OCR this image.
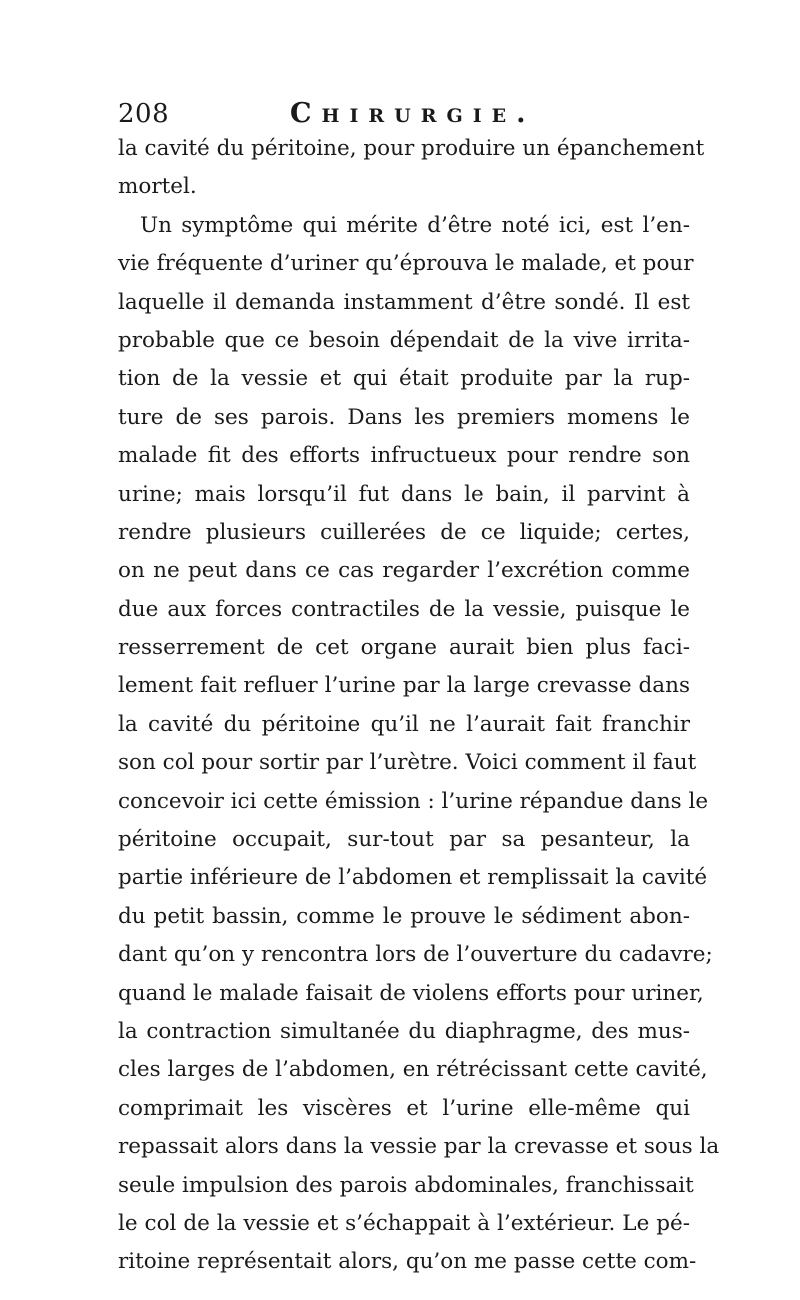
208	Chirurgie.
la cavité du péritoine, pour produire un épanchement
mortel.
Un symptôme qui mérite d’être noté ici, est l’en-
vie fréquente d’uriner qu’éprouva le malade, et pour
laquelle il demanda instamment d’être sondé. Il est
probable que ce besoin dépendait de la vive irrita-
tion de la vessie et qui était produite par la rup-
ture de ses parois. Dans les premiers momens le
malade fit des efforts infructueux pour rendre son
urine; mais lorsqu’il fut dans le bain, il parvint à
rendre plusieurs cuillerées de ce liquide; certes,
on ne peut dans ce cas regarder l’excrétion comme
due aux forces contractiles de la vessie, puisque le
resserrement de cet organe aurait bien plus faci-
lement fait refluer l’urine par la large crevasse dans
la cavité du péritoine qu’il ne l’aurait fait franchir
son col pour sortir par l’urètre. Voici comment il faut
concevoir ici cette émission : l’urine répandue dans le
péritoine occupait, sur-tout par sa pesanteur, la
partie inférieure de l’abdomen et remplissait la cavité
du petit bassin, comme le prouve le sédiment abon-
dant qu’on y rencontra lors de l’ouverture du cadavre;
quand le malade faisait de violens efforts pour uriner,
la contraction simultanée du diaphragme, des mus-
cles larges de l’abdomen, en rétrécissant cette cavité,
comprimait les viscères et l’urine elle-même qui
repassait alors dans la vessie par la crevasse et sous la
seule impulsion des parois abdominales, franchissait
le col de la vessie et s’échappait à l’extérieur. Le pé-
ritoine représentait alors, qu’on me passe cette com-
